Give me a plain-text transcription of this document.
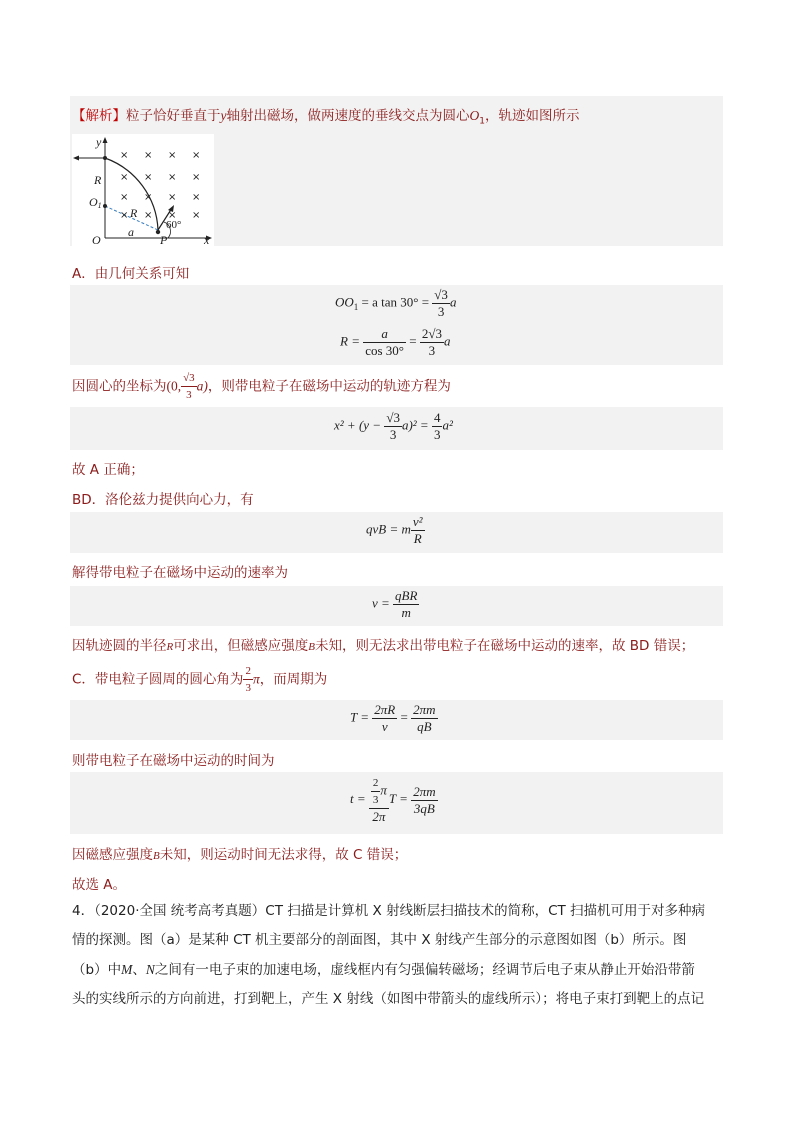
【解析】粒子恰好垂直于y轴射出磁场，做两速度的垂线交点为圆心$O_1$，轨迹如图所示
× × × ×
× × × ×
× × × ×
× × × ×
y
x
O
O1
R
R
a
P
60°
A．由几何关系可知
$OO_1 = a$ $\tan 30^\circ = \frac{√3}{3}$ a
$R = \frac{a}{\cos 30^\circ} = \frac{2√3}{3}$ a
因圆心的坐标为(0, $\frac{√3}{3} a$)，则带电粒子在磁场中运动的轨迹方程为
$x^2 + (y - \frac{√3}{3} a)^2 = \frac{4}{3} a^2$
故 A 正确；
BD．洛伦兹力提供向心力，有
qvB = m $\frac{\text{v²}}{R}$
解得带电粒子在磁场中运动的速率为
$v = \frac{\text{qBR}}{m}$
因轨迹圆的半径R可求出，但磁感应强度B未知，则无法求出带电粒子在磁场中运动的速率，故 BD 错误；
C．带电粒子圆周的圆心角为 $\frac{2}{3}$ π，而周期为
$T = \frac{2\pi R}{v} = \frac{2\pi m}{qB}$
则带电粒子在磁场中运动的时间为
$t = \frac{\frac{2}{3} \pi}{2\pi}$ $T = \frac{2\pi m}{3qB}$
因磁感应强度B未知，则运动时间无法求得，故 C 错误；
故选 A。
4．（2020·全国 统考高考真题）CT 扫描是计算机 X 射线断层扫描技术的简称，CT 扫描机可用于对多种病
情的探测。图（a）是某种 CT 机主要部分的剖面图，其中 X 射线产生部分的示意图如图（b）所示。图
（b）中M、N之间有一电子束的加速电场，虚线框内有匀强偏转磁场；经调节后电子束从静止开始沿带箭
头的实线所示的方向前进，打到靶上，产生 X 射线（如图中带箭头的虚线所示）；将电子束打到靶上的点记
